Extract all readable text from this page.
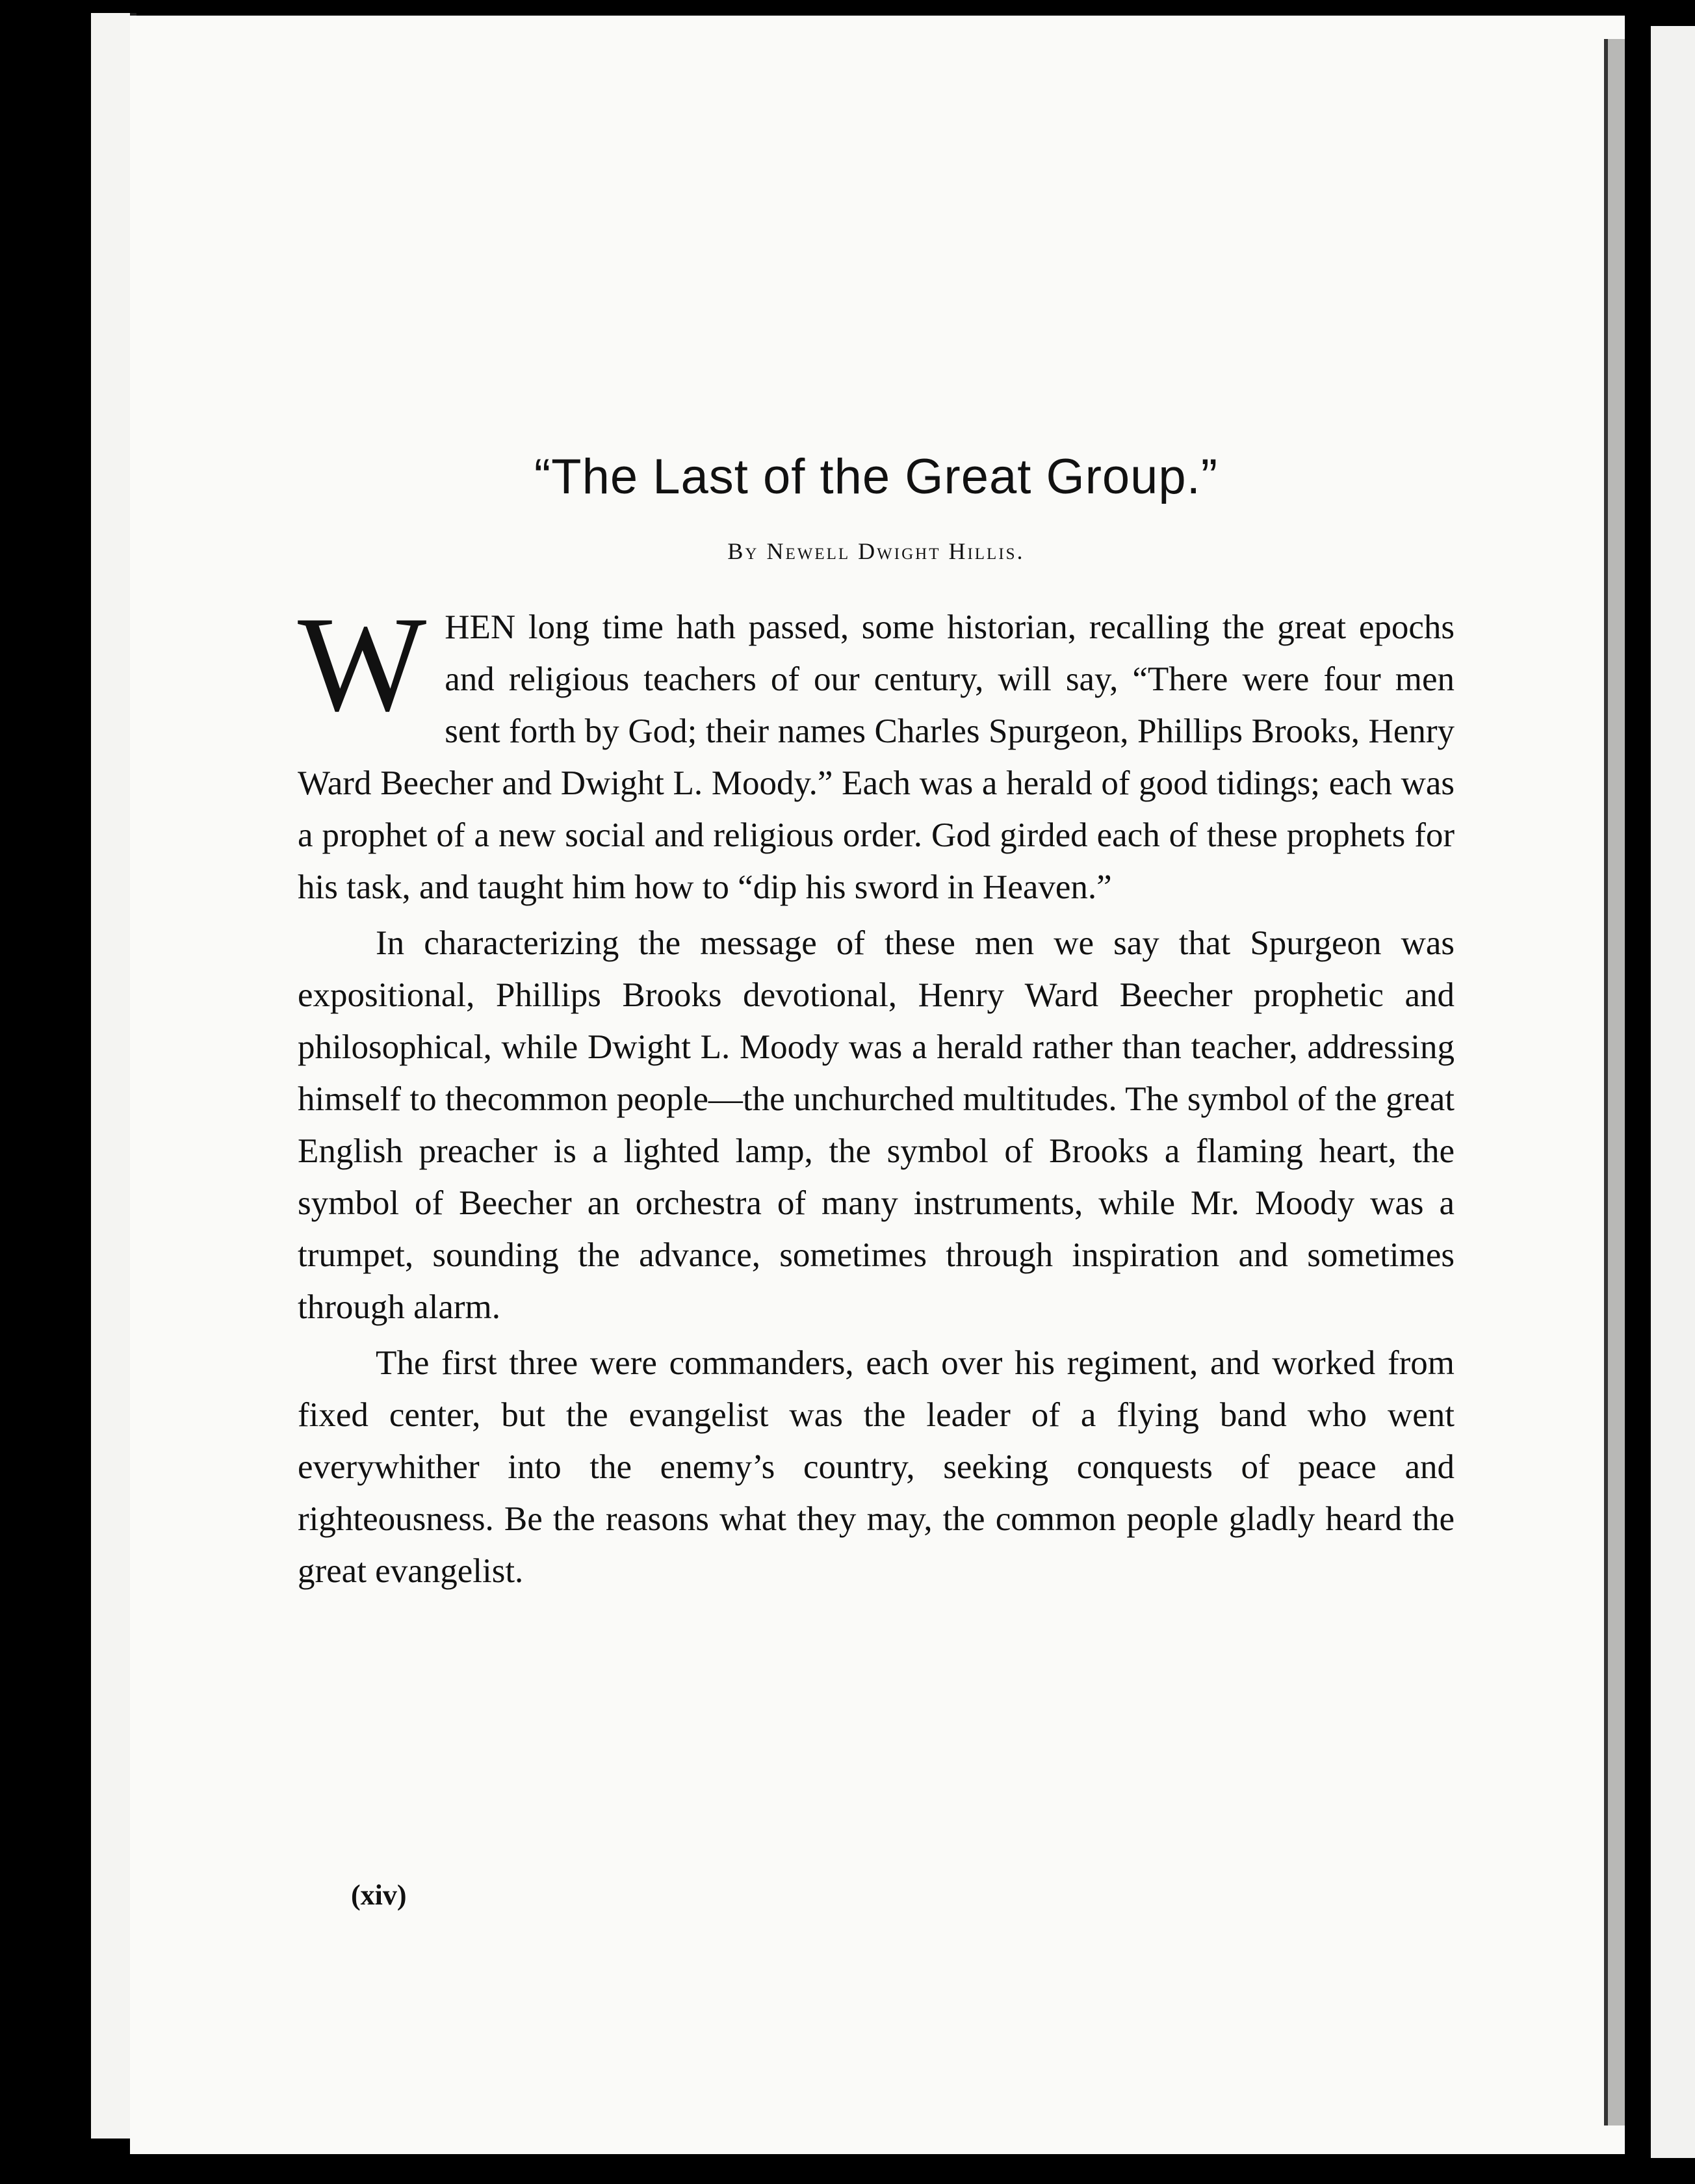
“The Last of the Great Group.”
By Newell Dwight Hillis.

WHEN long time hath passed, some historian, recalling the great epochs and religious teachers of our century, will say, “There were four men sent forth by God; their names Charles Spurgeon, Phillips Brooks, Henry Ward Beecher and Dwight L. Moody.” Each was a herald of good tidings; each was a prophet of a new social and religious order. God girded each of these prophets for his task, and taught him how to “dip his sword in Heaven.”

In characterizing the message of these men we say that Spurgeon was expositional, Phillips Brooks devotional, Henry Ward Beecher prophetic and philosophical, while Dwight L. Moody was a herald rather than teacher, addressing himself to thecommon people—the unchurched multitudes. The symbol of the great English preacher is a lighted lamp, the symbol of Brooks a flaming heart, the symbol of Beecher an orchestra of many instruments, while Mr. Moody was a trumpet, sounding the advance, sometimes through inspiration and sometimes through alarm.

The first three were commanders, each over his regiment, and worked from fixed center, but the evangelist was the leader of a flying band who went everywhither into the enemy’s country, seeking conquests of peace and righteousness. Be the reasons what they may, the common people gladly heard the great evangelist.

(xiv)
